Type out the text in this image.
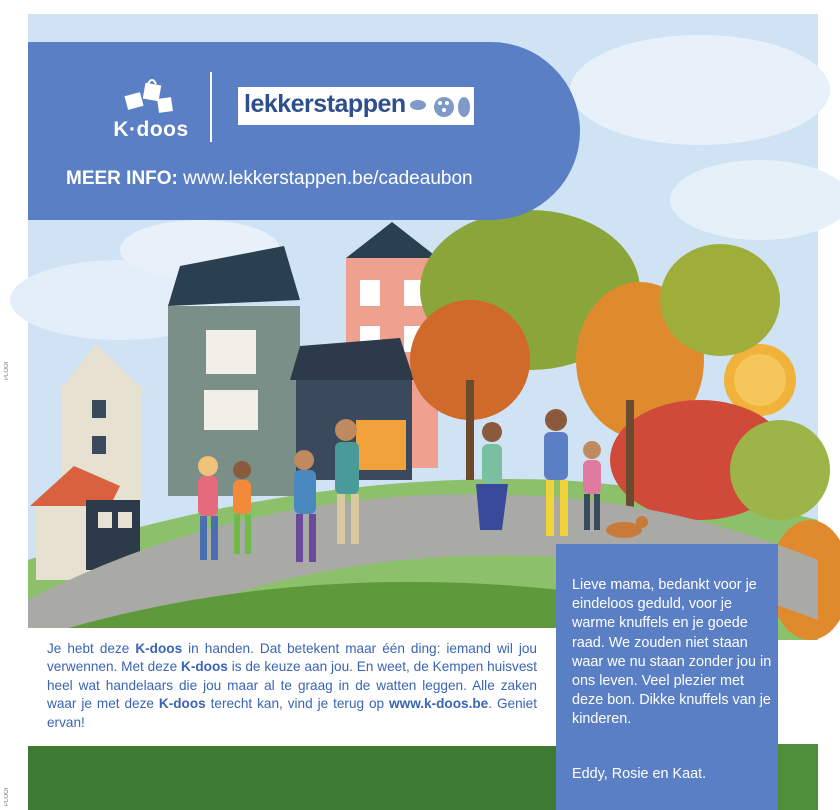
K·doos
lekkerstappen
MEER INFO: www.lekkerstappen.be/cadeaubon
PLOOI
PLOOI
Je hebt deze K-doos in handen. Dat betekent maar één ding: iemand wil jou verwennen. Met deze K-doos is de keuze aan jou. En weet, de Kempen huisvest heel wat handelaars die jou maar al te graag in de watten leggen. Alle zaken waar je met deze K-doos terecht kan, vind je terug op www.k-doos.be. Geniet ervan!
Lieve mama, bedankt voor je eindeloos geduld, voor je warme knuffels en je goede raad. We zouden niet staan waar we nu staan zonder jou in ons leven. Veel plezier met deze bon. Dikke knuffels van je kinderen.
Eddy, Rosie en Kaat.
